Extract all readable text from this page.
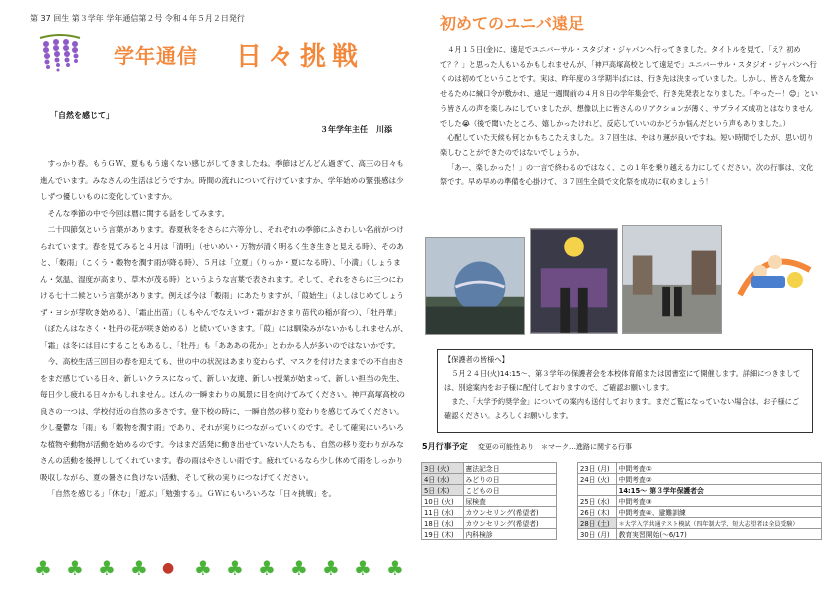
第 37 回生 第３学年 学年通信第２号 令和４年５月２日発行
学年通信 日々挑戦
「自然を感じて」
３年学年主任　川添

すっかり春。もうＧＷ、夏ももう遠くない感じがしてきましたね。季節はどんどん過ぎて、高三の日々も進んでいます。みなさんの生活はどうですか。時間の流れについて行けていますか、学年始めの緊張感は少しずつ優しいものに変化していますか。

そんな季節の中で今回は暦に関する話をしてみます。

二十四節気という言葉があります。春夏秋冬をさらに六等分し、それぞれの季節にふさわしい名前がつけられています。春を見てみると４月は「清明」（せいめい・万物が清く明るく生き生きと見える時）、そのあと、「穀雨」（こくう・穀物を潤す雨が降る時）、５月は「立夏」（りっか・夏になる時）、「小満」（しょうまん・気温、湿度が高まり、草木が茂る時）というような言葉で表されます。そして、それをさらに三つにわける七十二候という言葉があります。例えば今は「穀雨」にあたりますが、「葭始生」（よしはじめてしょうず・ヨシが芽吹き始める）、「霜止出苗」（しもやんでなえいづ・霜がおさまり苗代の稲が育つ）、「牡丹華」（ぼたんはなさく・牡丹の花が咲き始める）と続いていきます。「葭」には馴染みがないかもしれませんが、「霜」は冬には目にすることもあるし、「牡丹」も「あああの花か」とわかる人が多いのではないかです。

今、高校生活三回目の春を迎えても、世の中の状況はあまり変わらず、マスクを付けたままでの不自由さをまだ感じている日々、新しいクラスになって、新しい友達、新しい授業が始まって、新しい担当の先生、毎日少し疲れる日々かもしれません。ほんの一瞬まわりの風景に目を向けてみてください。神戸高塚高校の良さの一つは、学校付近の自然の多さです。登下校の時に、一瞬自然の移り変わりを感じてみてください。少し憂鬱な「雨」も「穀物を潤す雨」であり、それが実りにつながっていくのです。そして確実にいろいろな植物や動物が活動を始めるのです。今はまだ活発に動き出せていない人たちも、自然の移り変わりがみなさんの活動を後押ししてくれています。春の雨はやさしい雨です。疲れているなら少し休めて雨をしっかり吸収しながら、夏の暑さに負けない活動、そして秋の実りにつなげてください。

「自然を感じる」「休む」「遊ぶ」「勉強する」。ＧＷにもいろいろな「日々挑戦」を。

初めてのユニバ遠足

４月１５日(金)に、遠足でユニバーサル・スタジオ・ジャパンへ行ってきました。タイトルを見て、「え？初めて？？」と思った人もいるかもしれませんが、「神戸高塚高校として遠足で」ユニバーサル・スタジオ・ジャパンへ行くのは初めてということです。実は、昨年度の３学期半ばには、行き先は決まっていました。しかし、皆さんを驚かせるために緘口令が敷かれ、遠足一週間前の４月８日の学年集会で、行き先発表となりました。「やったー！😊」という皆さんの声を楽しみにしていましたが、想像以上に皆さんのリアクションが薄く、サプライズ成功とはなりませんでした😭（後で聞いたところ、嬉しかったけれど、反応していいのかどうか悩んだという声もありました。）

心配していた天候も何とかもちこたえました。３７回生は、やはり運が良いですね。短い時間でしたが、思い切り楽しむことができたのではないでしょうか。

「あー、楽しかった！」の一言で終わるのではなく、この１年を乗り越える力にしてください。次の行事は、文化祭です。早め早めの準備を心掛けて、３７回生全員で文化祭を成功に収めましょう！

【保護者の皆様へ】

５月２４日(火)14:15～、第３学年の保護者会を本校体育館または図書室にて開催します。詳細につきましては、別途案内をお子様に配付しておりますので、ご確認お願いします。

また、「大学予約奨学金」についての案内も送付しております。まだご覧になっていない場合は、お子様にご確認ください。よろしくお願いします。

5月行事予定 変更の可能性あり　＊マーク…進路に関する行事
3日 (火)	憲法記念日
4日 (水)	みどりの日
5日 (木)	こどもの日
10日 (火)	尿検査
11日 (水)	カウンセリング(希望者)
18日 (水)	カウンセリング(希望者)
19日 (木)	内科検診
23日 (月)	中間考査①
24日 (火)	中間考査②
	14:15～ 第３学年保護者会
25日 (水)	中間考査③
26日 (木)	中間考査④、避難訓練
28日 (土)	＊大学入学共通テスト模試（四年制大学、短大志望者は全員受験）
30日 (月)	教育実習開始(～6/17)
♣ ♣ ♣ ♣ ● ♣ ♣ ♣ ♣ ♣ ♣ ♣
